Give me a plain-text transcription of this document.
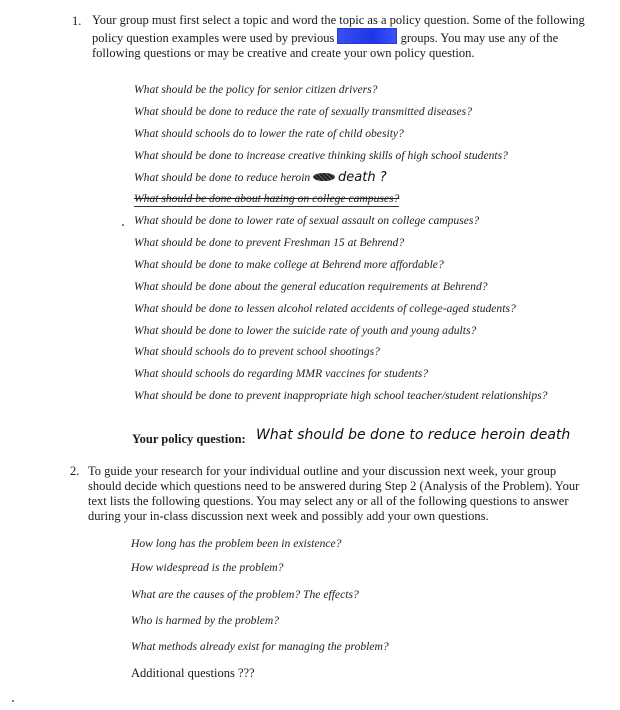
1. Your group must first select a topic and word the topic as a policy question. Some of the following policy question examples were used by previous	groups. You may use any of the following questions or may be creative and create your own policy question.
What should be the policy for senior citizen drivers?
What should be done to reduce the rate of sexually transmitted diseases?
What should schools do to lower the rate of child obesity?
What should be done to increase creative thinking skills of high school students?
What should be done to reduce heroin death ?
What should be done about hazing on college campuses?
What should be done to lower rate of sexual assault on college campuses?
What should be done to prevent Freshman 15 at Behrend?
What should be done to make college at Behrend more affordable?
What should be done about the general education requirements at Behrend?
What should be done to lessen alcohol related accidents of college-aged students?
What should be done to lower the suicide rate of youth and young adults?
What should schools do to prevent school shootings?
What should schools do regarding MMR vaccines for students?
What should be done to prevent inappropriate high school teacher/student relationships?
Your policy question: What should be done to reduce heroin death
2. To guide your research for your individual outline and your discussion next week, your group should decide which questions need to be answered during Step 2 (Analysis of the Problem). Your text lists the following questions. You may select any or all of the following questions to answer during your in-class discussion next week and possibly add your own questions.
How long has the problem been in existence?
How widespread is the problem?
What are the causes of the problem? The effects?
Who is harmed by the problem?
What methods already exist for managing the problem?
Additional questions ???
